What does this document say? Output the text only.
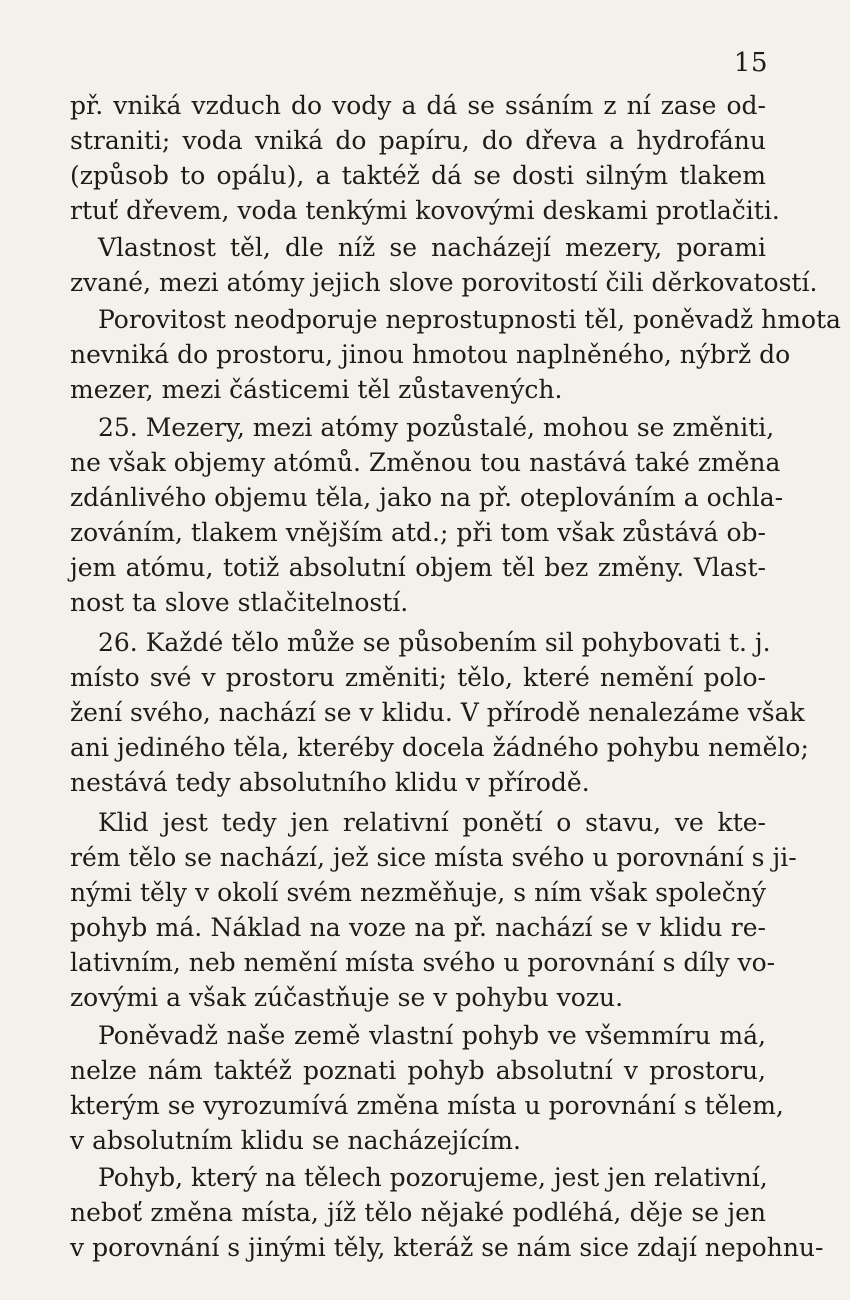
15
př. vniká vzduch do vody a dá se ssáním z ní zase od-
straniti; voda vniká do papíru, do dřeva a hydrofánu
(způsob to opálu), a taktéž dá se dosti silným tlakem
rtuť dřevem, voda tenkými kovovými deskami protlačiti.
Vlastnost těl, dle níž se nacházejí mezery, porami
zvané, mezi atómy jejich slove porovitostí čili děrkovatostí.
Porovitost neodporuje neprostupnosti těl, poněvadž hmota
nevniká do prostoru, jinou hmotou naplněného, nýbrž do
mezer, mezi částicemi těl zůstavených.
25. Mezery, mezi atómy pozůstalé, mohou se změniti,
ne však objemy atómů. Změnou tou nastává také změna
zdánlivého objemu těla, jako na př. oteplováním a ochla-
zováním, tlakem vnějším atd.; při tom však zůstává ob-
jem atómu, totiž absolutní objem těl bez změny. Vlast-
nost ta slove stlačitelností.
26. Každé tělo může se působením sil pohybovati t. j.
místo své v prostoru změniti; tělo, které nemění polo-
žení svého, nachází se v klidu. V přírodě nenalezáme však
ani jediného těla, kteréby docela žádného pohybu nemělo;
nestává tedy absolutního klidu v přírodě.
Klid jest tedy jen relativní ponětí o stavu, ve kte-
rém tělo se nachází, jež sice místa svého u porovnání s ji-
nými těly v okolí svém nezměňuje, s ním však společný
pohyb má. Náklad na voze na př. nachází se v klidu re-
lativním, neb nemění místa svého u porovnání s díly vo-
zovými a však zúčastňuje se v pohybu vozu.
Poněvadž naše země vlastní pohyb ve všemmíru má,
nelze nám taktéž poznati pohyb absolutní v prostoru,
kterým se vyrozumívá změna místa u porovnání s tělem,
v absolutním klidu se nacházejícím.
Pohyb, který na tělech pozorujeme, jest jen relativní,
neboť změna místa, jíž tělo nějaké podléhá, děje se jen
v porovnání s jinými těly, kteráž se nám sice zdají nepohnu-
